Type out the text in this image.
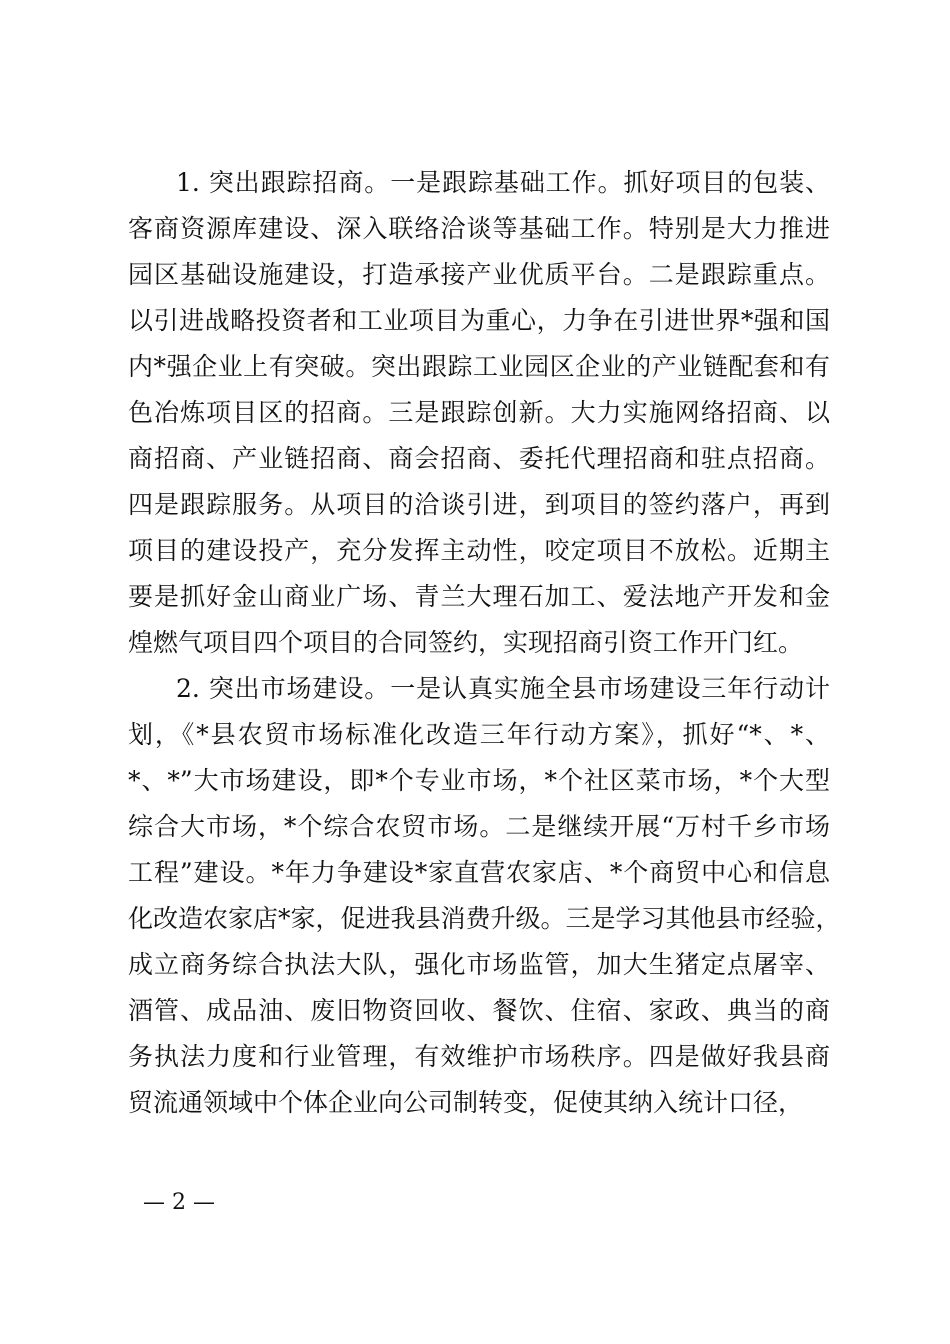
1. 突出跟踪招商。一是跟踪基础工作。抓好项目的包装、
客商资源库建设、深入联络洽谈等基础工作。特别是大力推进
园区基础设施建设，打造承接产业优质平台。二是跟踪重点。
以引进战略投资者和工业项目为重心，力争在引进世界*强和国
内*强企业上有突破。突出跟踪工业园区企业的产业链配套和有
色冶炼项目区的招商。三是跟踪创新。大力实施网络招商、以
商招商、产业链招商、商会招商、委托代理招商和驻点招商。
四是跟踪服务。从项目的洽谈引进，到项目的签约落户，再到
项目的建设投产，充分发挥主动性，咬定项目不放松。近期主
要是抓好金山商业广场、青兰大理石加工、爱法地产开发和金
煌燃气项目四个项目的合同签约，实现招商引资工作开门红。
2. 突出市场建设。一是认真实施全县市场建设三年行动计
划，《*县农贸市场标准化改造三年行动方案》，抓好“*、*、
*、*”大市场建设，即*个专业市场，*个社区菜市场，*个大型
综合大市场，*个综合农贸市场。二是继续开展“万村千乡市场
工程”建设。*年力争建设*家直营农家店、*个商贸中心和信息
化改造农家店*家，促进我县消费升级。三是学习其他县市经验，
成立商务综合执法大队，强化市场监管，加大生猪定点屠宰、
酒管、成品油、废旧物资回收、餐饮、住宿、家政、典当的商
务执法力度和行业管理，有效维护市场秩序。四是做好我县商
贸流通领域中个体企业向公司制转变，促使其纳入统计口径，
— 2 —
